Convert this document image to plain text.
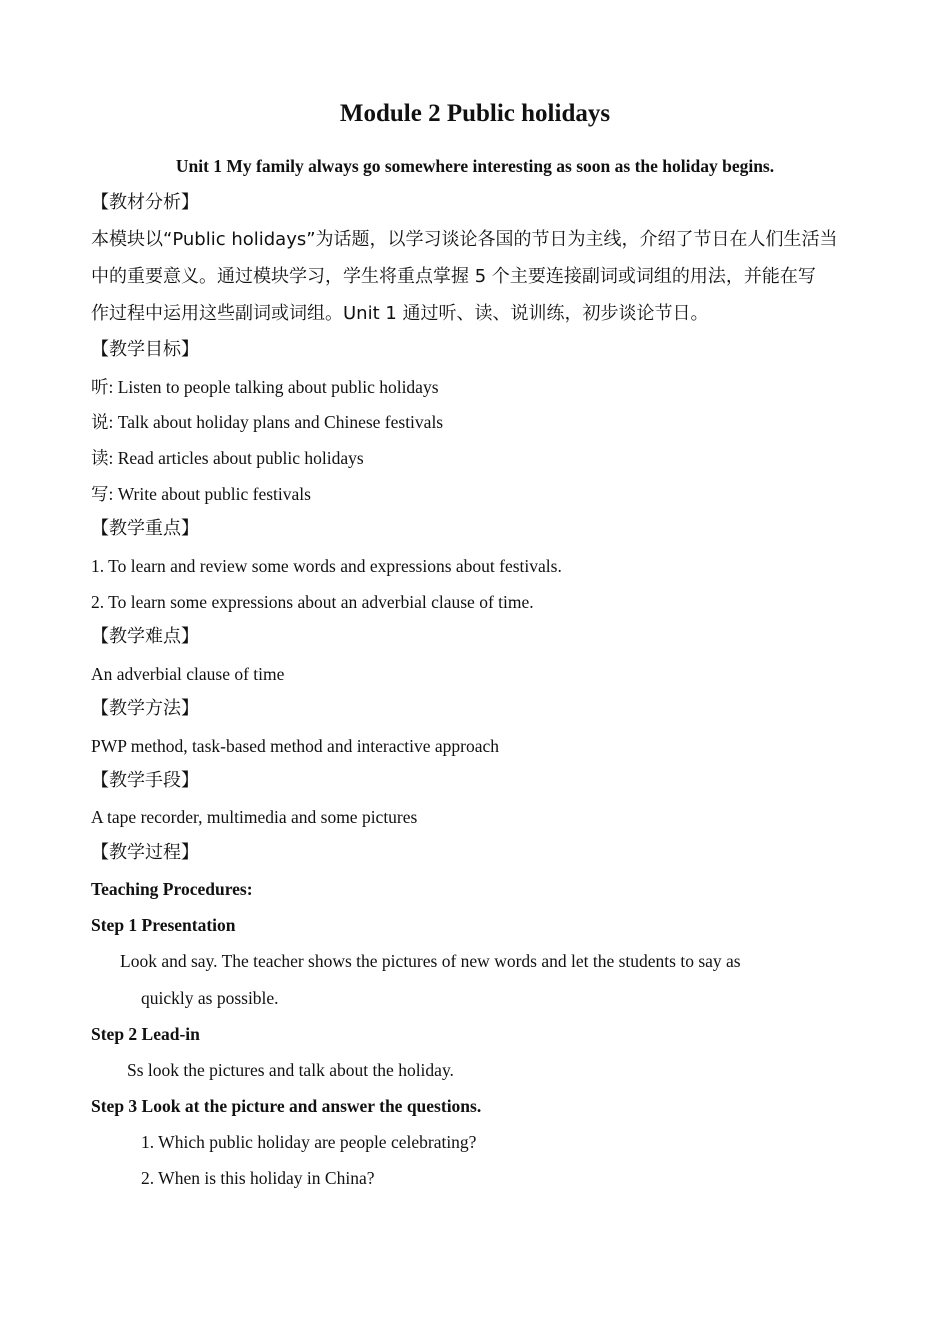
Module 2 Public holidays
Unit 1 My family always go somewhere interesting as soon as the holiday begins.
【教材分析】
本模块以“Public holidays”为话题，以学习谈论各国的节日为主线，介绍了节日在人们生活当
中的重要意义。通过模块学习，学生将重点掌握 5 个主要连接副词或词组的用法，并能在写
作过程中运用这些副词或词组。Unit 1 通过听、读、说训练，初步谈论节日。
【教学目标】
听: Listen to people talking about public holidays
说: Talk about holiday plans and Chinese festivals
读: Read articles about public holidays
写: Write about public festivals
【教学重点】
1. To learn and review some words and expressions about festivals.
2. To learn some expressions about an adverbial clause of time.
【教学难点】
An adverbial clause of time
【教学方法】
PWP method, task-based method and interactive approach
【教学手段】
A tape recorder, multimedia and some pictures
【教学过程】
Teaching Procedures:
Step 1 Presentation
Look and say. The teacher shows the pictures of new words and let the students to say as
quickly as possible.
Step 2 Lead-in
Ss look the pictures and talk about the holiday.
Step 3 Look at the picture and answer the questions.
1. Which public holiday are people celebrating?
2. When is this holiday in China?
